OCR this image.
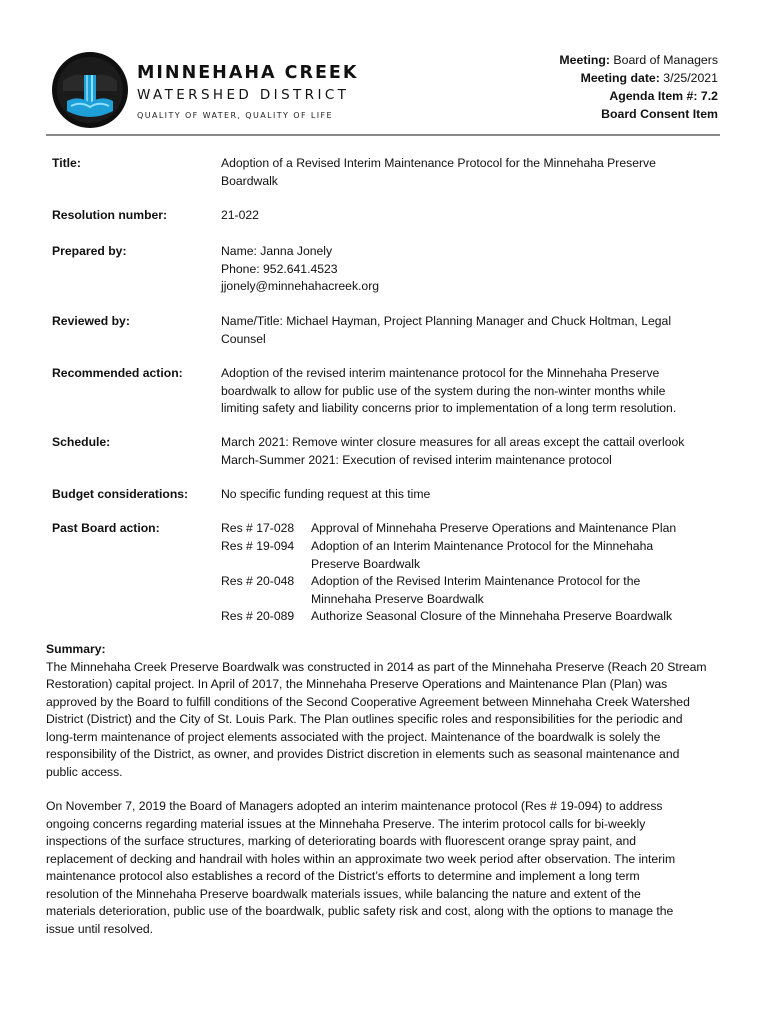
MINNEHAHA CREEK
WATERSHED DISTRICT
QUALITY OF WATER, QUALITY OF LIFE
Meeting: Board of Managers
Meeting date: 3/25/2021
Agenda Item #: 7.2
Board Consent Item
Title:	Adoption of a Revised Interim Maintenance Protocol for the Minnehaha Preserve
Boardwalk
Resolution number:	21-022
Prepared by:	Name: Janna Jonely
Phone: 952.641.4523
jjonely@minnehahacreek.org
Reviewed by:	Name/Title: Michael Hayman, Project Planning Manager and Chuck Holtman, Legal
Counsel
Recommended action:	Adoption of the revised interim maintenance protocol for the Minnehaha Preserve
boardwalk to allow for public use of the system during the non-winter months while
limiting safety and liability concerns prior to implementation of a long term resolution.
Schedule:	March 2021: Remove winter closure measures for all areas except the cattail overlook
March-Summer 2021: Execution of revised interim maintenance protocol
Budget considerations:	No specific funding request at this time
Past Board action:	Res # 17-028 Approval of Minnehaha Preserve Operations and Maintenance Plan
Res # 19-094 Adoption of an Interim Maintenance Protocol for the Minnehaha
Preserve Boardwalk
Res # 20-048 Adoption of the Revised Interim Maintenance Protocol for the
Minnehaha Preserve Boardwalk
Res # 20-089 Authorize Seasonal Closure of the Minnehaha Preserve Boardwalk
Summary:
The Minnehaha Creek Preserve Boardwalk was constructed in 2014 as part of the Minnehaha Preserve (Reach 20 Stream
Restoration) capital project. In April of 2017, the Minnehaha Preserve Operations and Maintenance Plan (Plan) was
approved by the Board to fulfill conditions of the Second Cooperative Agreement between Minnehaha Creek Watershed
District (District) and the City of St. Louis Park. The Plan outlines specific roles and responsibilities for the periodic and
long-term maintenance of project elements associated with the project. Maintenance of the boardwalk is solely the
responsibility of the District, as owner, and provides District discretion in elements such as seasonal maintenance and
public access.
On November 7, 2019 the Board of Managers adopted an interim maintenance protocol (Res # 19-094) to address
ongoing concerns regarding material issues at the Minnehaha Preserve. The interim protocol calls for bi-weekly
inspections of the surface structures, marking of deteriorating boards with fluorescent orange spray paint, and
replacement of decking and handrail with holes within an approximate two week period after observation. The interim
maintenance protocol also establishes a record of the District’s efforts to determine and implement a long term
resolution of the Minnehaha Preserve boardwalk materials issues, while balancing the nature and extent of the
materials deterioration, public use of the boardwalk, public safety risk and cost, along with the options to manage the
issue until resolved.
